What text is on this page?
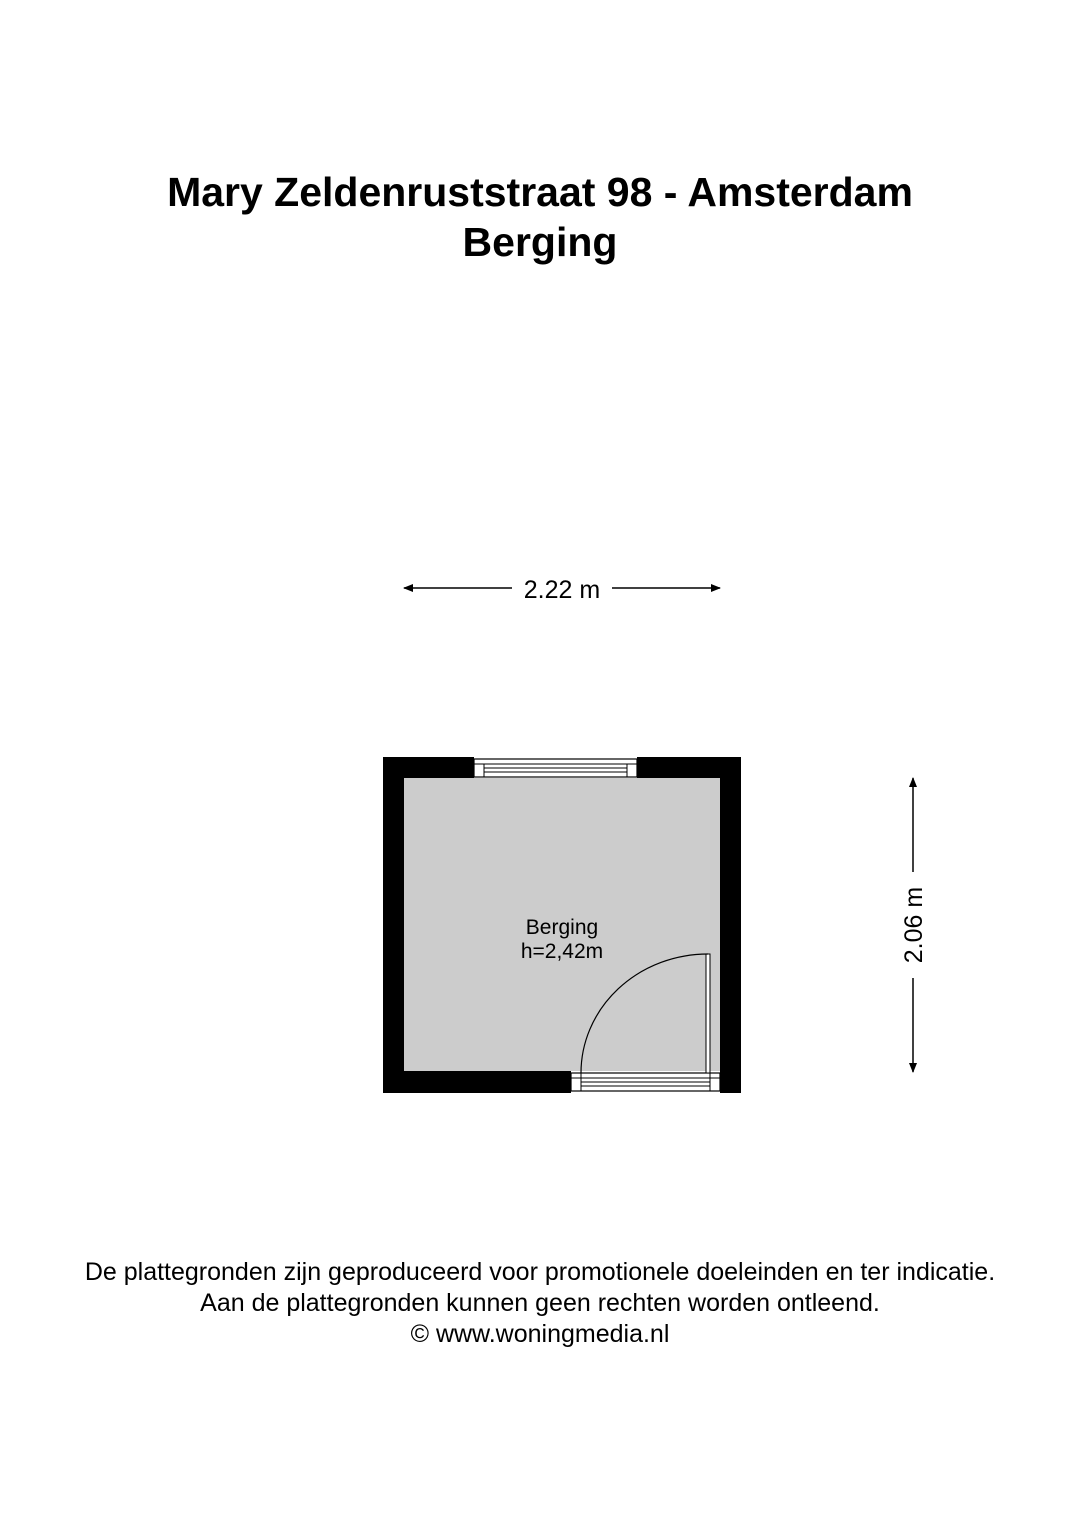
Mary Zeldenruststraat 98 - Amsterdam
Berging
2.22 m
2.06 m
Berging
h=2,42m
De plattegronden zijn geproduceerd voor promotionele doeleinden en ter indicatie.
Aan de plattegronden kunnen geen rechten worden ontleend.
© www.woningmedia.nl
